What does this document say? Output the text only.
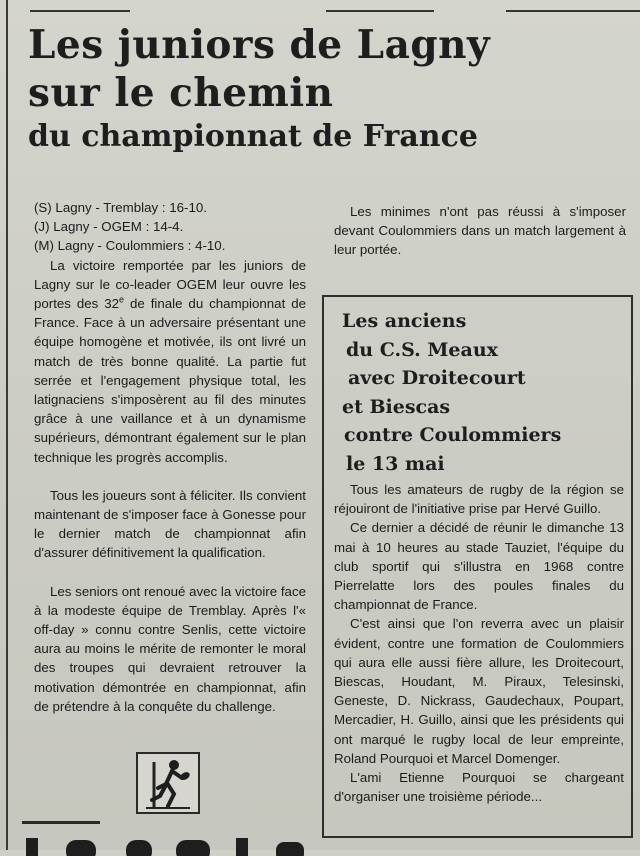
Les juniors de Lagny
sur le chemin
du championnat de France
(S) Lagny - Tremblay : 16-10.
(J) Lagny - OGEM : 14-4.
(M) Lagny - Coulommiers : 4-10.

La victoire remportée par les juniors de Lagny sur le co-leader OGEM leur ouvre les portes des 32e de finale du championnat de France. Face à un adversaire présentant une équipe homogène et motivée, ils ont livré un match de très bonne qualité. La partie fut serrée et l'engagement physique total, les latignaciens s'imposèrent au fil des minutes grâce à une vaillance et à un dynamisme supérieurs, démontrant également sur le plan technique les progrès accomplis.

Tous les joueurs sont à féliciter. Ils convient maintenant de s'imposer face à Gonesse pour le dernier match de championnat afin d'assurer définitivement la qualification.

Les seniors ont renoué avec la victoire face à la modeste équipe de Tremblay. Après l'« off-day » connu contre Senlis, cette victoire aura au moins le mérite de remonter le moral des troupes qui devraient retrouver la motivation démontrée en championnat, afin de prétendre à la conquête du challenge.

Les minimes n'ont pas réussi à s'imposer devant Coulommiers dans un match largement à leur portée.

Les anciens
du C.S. Meaux
avec Droitecourt
et Biescas
contre Coulommiers
le 13 mai

Tous les amateurs de rugby de la région se réjouiront de l'initiative prise par Hervé Guillo.

Ce dernier a décidé de réunir le dimanche 13 mai à 10 heures au stade Tauziet, l'équipe du club sportif qui s'illustra en 1968 contre Pierrelatte lors des poules finales du championnat de France.

C'est ainsi que l'on reverra avec un plaisir évident, contre une formation de Coulommiers qui aura elle aussi fière allure, les Droitecourt, Biescas, Houdant, M. Piraux, Telesinski, Geneste, D. Nickrass, Gaudechaux, Poupart, Mercadier, H. Guillo, ainsi que les présidents qui ont marqué le rugby local de leur empreinte, Roland Pourquoi et Marcel Domenger.

L'ami Etienne Pourquoi se chargeant d'organiser une troisième période...
